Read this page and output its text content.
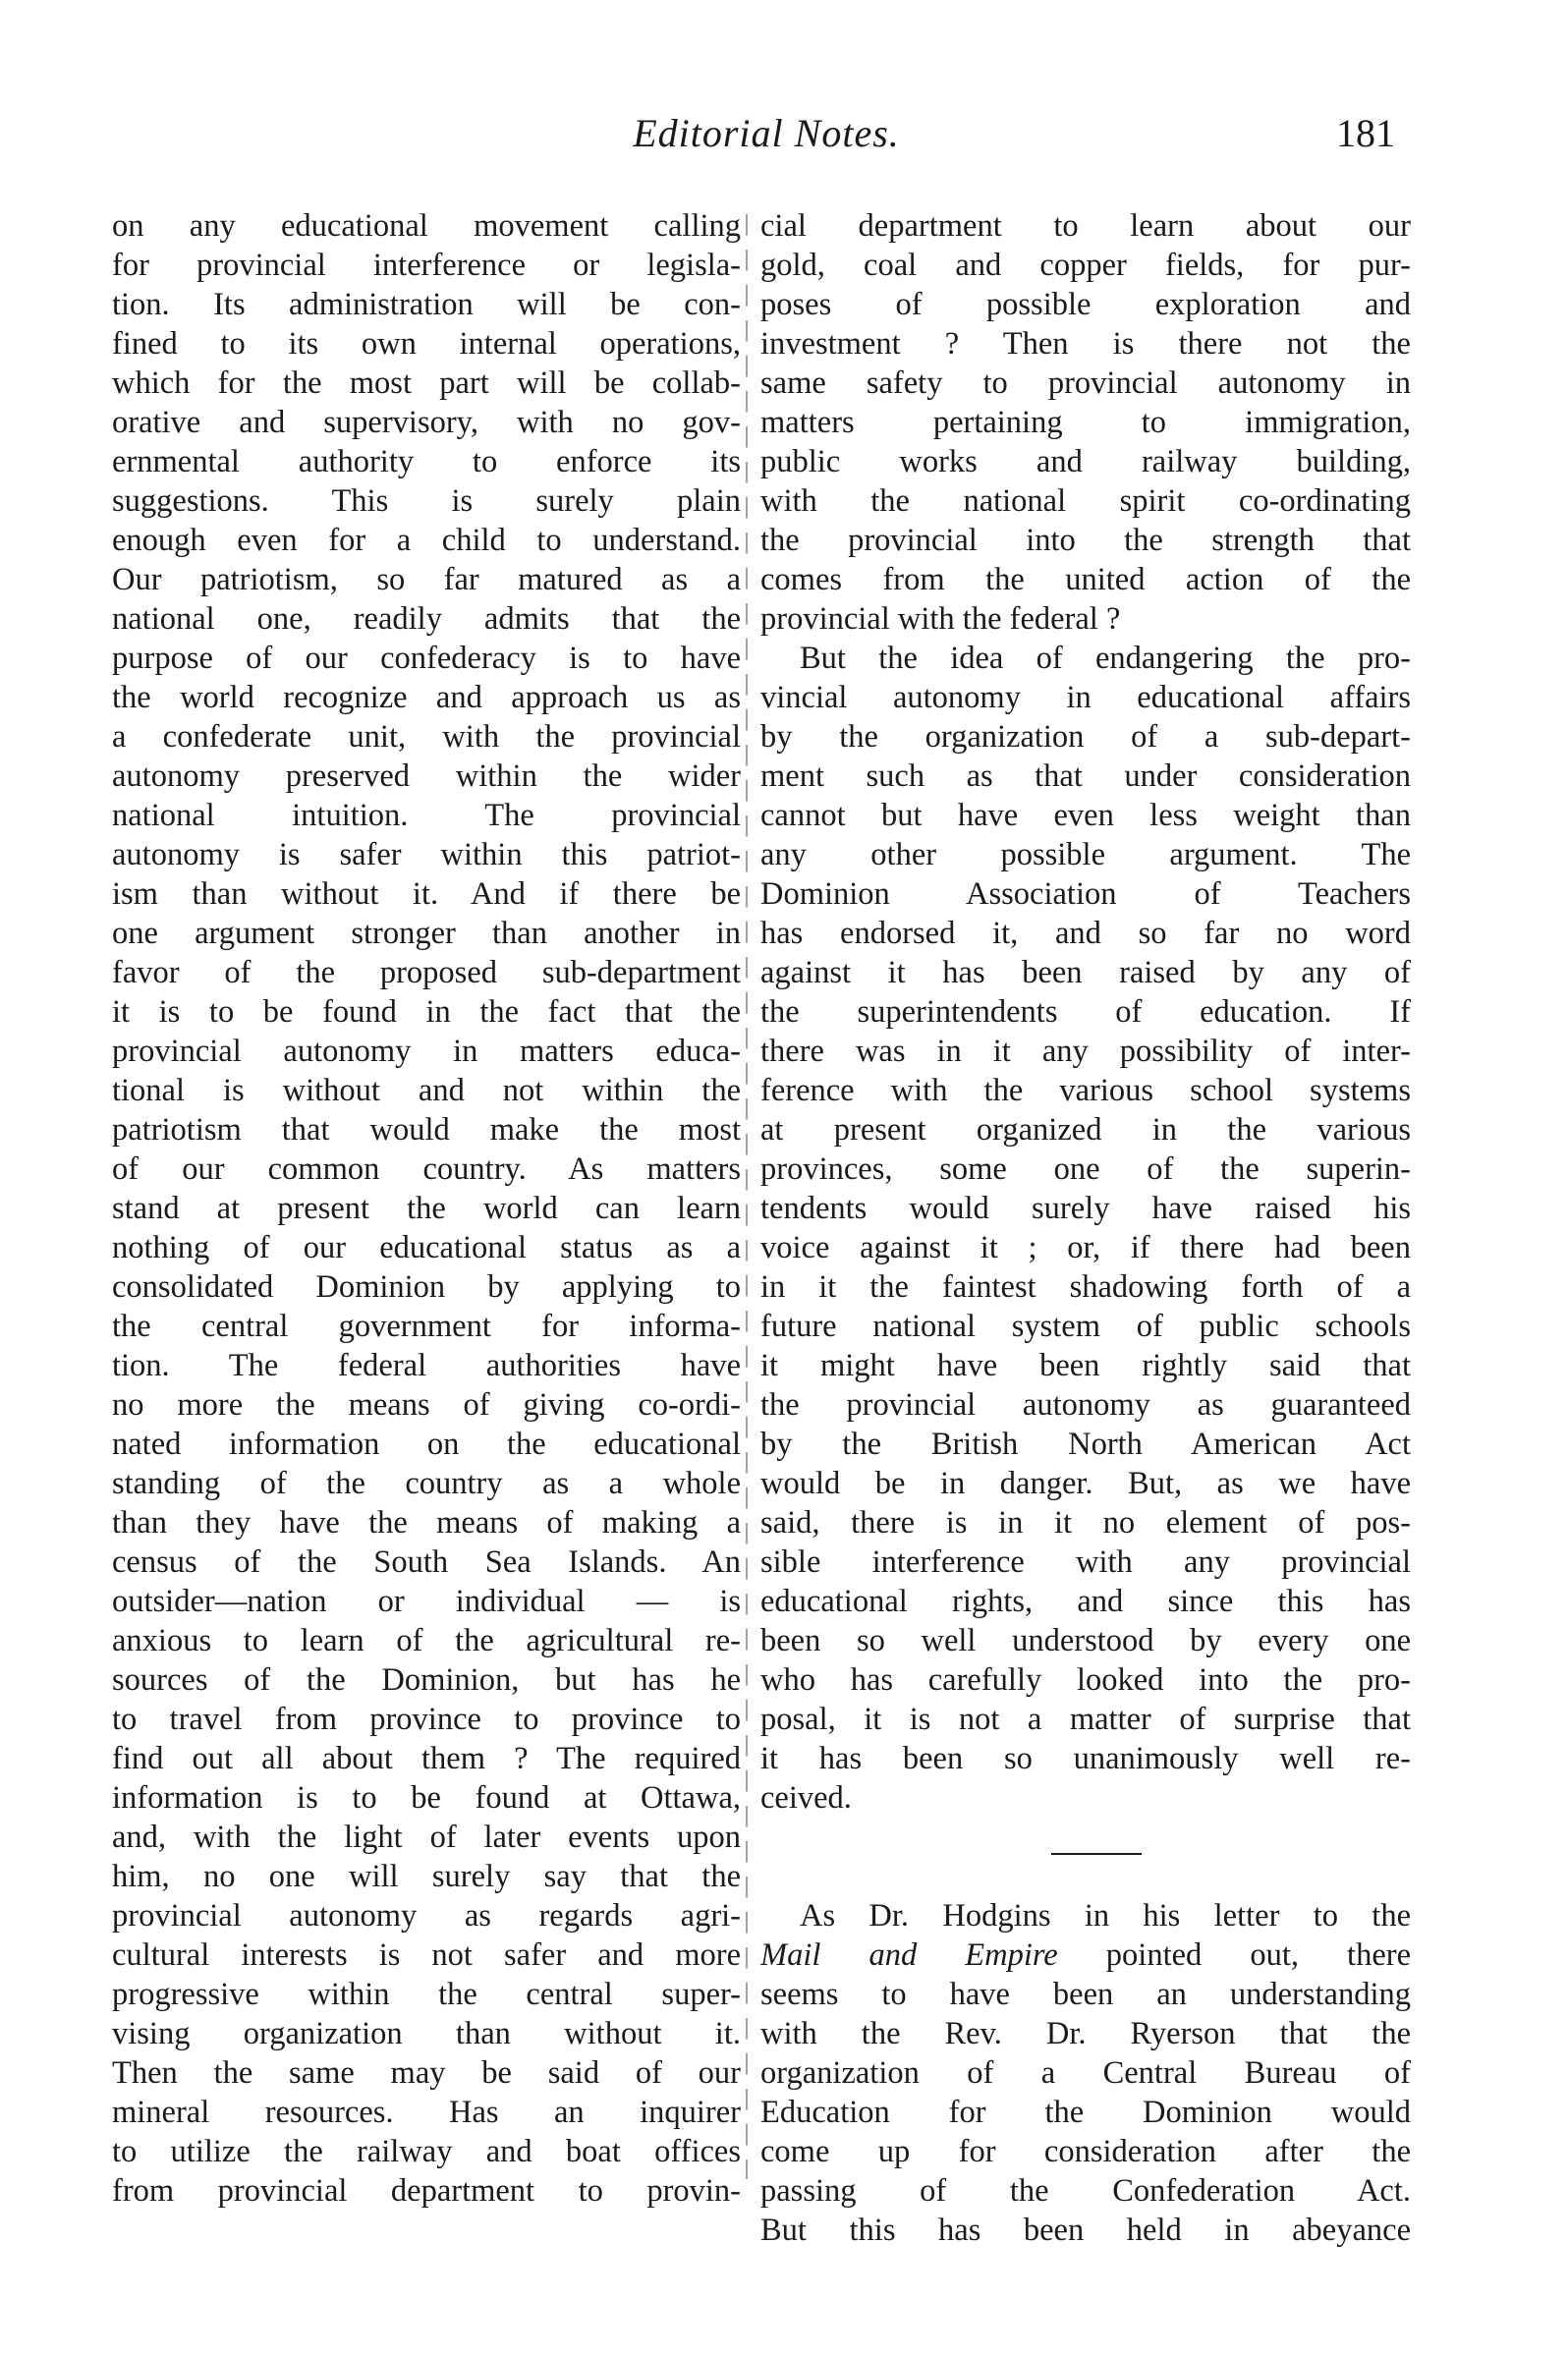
Editorial Notes.	181
on any educational movement calling
for provincial interference or legisla-
tion. Its administration will be con-
fined to its own internal operations,
which for the most part will be collab-
orative and supervisory, with no gov-
ernmental authority to enforce its
suggestions. This is surely plain
enough even for a child to understand.
Our patriotism, so far matured as a
national one, readily admits that the
purpose of our confederacy is to have
the world recognize and approach us as
a confederate unit, with the provincial
autonomy preserved within the wider
national intuition. The provincial
autonomy is safer within this patriot-
ism than without it. And if there be
one argument stronger than another in
favor of the proposed sub-department
it is to be found in the fact that the
provincial autonomy in matters educa-
tional is without and not within the
patriotism that would make the most
of our common country. As matters
stand at present the world can learn
nothing of our educational status as a
consolidated Dominion by applying to
the central government for informa-
tion. The federal authorities have
no more the means of giving co-ordi-
nated information on the educational
standing of the country as a whole
than they have the means of making a
census of the South Sea Islands. An
outsider—nation or individual — is
anxious to learn of the agricultural re-
sources of the Dominion, but has he
to travel from province to province to
find out all about them ? The required
information is to be found at Ottawa,
and, with the light of later events upon
him, no one will surely say that the
provincial autonomy as regards agri-
cultural interests is not safer and more
progressive within the central super-
vising organization than without it.
Then the same may be said of our
mineral resources. Has an inquirer
to utilize the railway and boat offices
from provincial department to provin-
cial department to learn about our
gold, coal and copper fields, for pur-
poses of possible exploration and
investment ? Then is there not the
same safety to provincial autonomy in
matters pertaining to immigration,
public works and railway building,
with the national spirit co-ordinating
the provincial into the strength that
comes from the united action of the
provincial with the federal ?
But the idea of endangering the pro-
vincial autonomy in educational affairs
by the organization of a sub-depart-
ment such as that under consideration
cannot but have even less weight than
any other possible argument. The
Dominion Association of Teachers
has endorsed it, and so far no word
against it has been raised by any of
the superintendents of education. If
there was in it any possibility of inter-
ference with the various school systems
at present organized in the various
provinces, some one of the superin-
tendents would surely have raised his
voice against it ; or, if there had been
in it the faintest shadowing forth of a
future national system of public schools
it might have been rightly said that
the provincial autonomy as guaranteed
by the British North American Act
would be in danger. But, as we have
said, there is in it no element of pos-
sible interference with any provincial
educational rights, and since this has
been so well understood by every one
who has carefully looked into the pro-
posal, it is not a matter of surprise that
it has been so unanimously well re-
ceived.
As Dr. Hodgins in his letter to the
Mail and Empire pointed out, there
seems to have been an understanding
with the Rev. Dr. Ryerson that the
organization of a Central Bureau of
Education for the Dominion would
come up for consideration after the
passing of the Confederation Act.
But this has been held in abeyance
